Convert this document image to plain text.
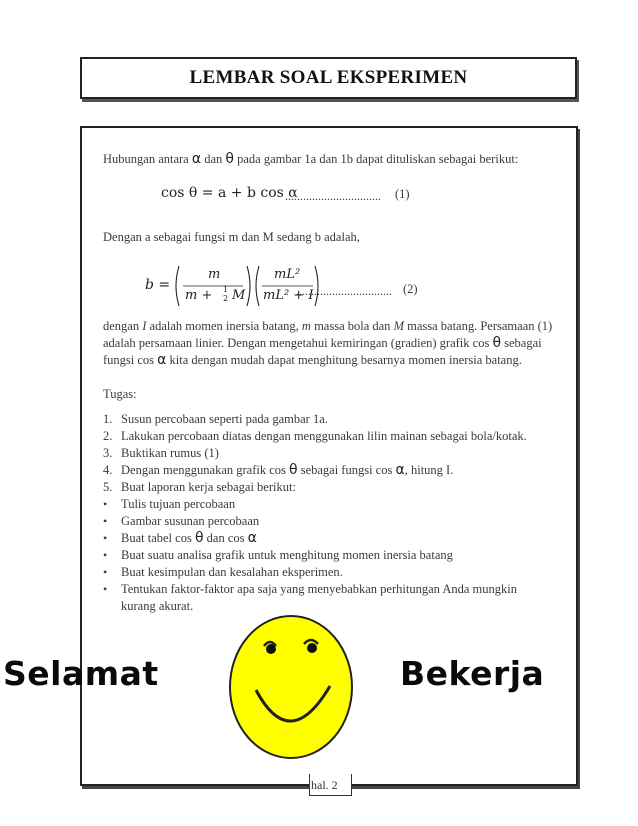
LEMBAR SOAL EKSPERIMEN
Hubungan antara α dan θ pada gambar 1a dan 1b dapat dituliskan sebagai berikut:
cos θ = a + b cos α
................................ (1)
Dengan a sebagai fungsi m dan M sedang b adalah,
b =
m
m + 1
2 M
mL²
mL² + I
................................ (2)
dengan I adalah momen inersia batang, m massa bola dan M massa batang. Persamaan (1)
adalah persamaan linier. Dengan mengetahui kemiringan (gradien) grafik cos θ sebagai
fungsi cos α kita dengan mudah dapat menghitung besarnya momen inersia batang.
Tugas:
1. Susun percobaan seperti pada gambar 1a.
2. Lakukan percobaan diatas dengan menggunakan lilin mainan sebagai bola/kotak.
3. Buktikan rumus (1)
4. Dengan menggunakan grafik cos θ sebagai fungsi cos α, hitung I.
5. Buat laporan kerja sebagai berikut:
• Tulis tujuan percobaan
• Gambar susunan percobaan
• Buat tabel cos θ dan cos α
• Buat suatu analisa grafik untuk menghitung momen inersia batang
• Buat kesimpulan dan kesalahan eksperimen.
• Tentukan faktor-faktor apa saja yang menyebabkan perhitungan Anda mungkin
kurang akurat.
Selamat	Bekerja
hal. 2
